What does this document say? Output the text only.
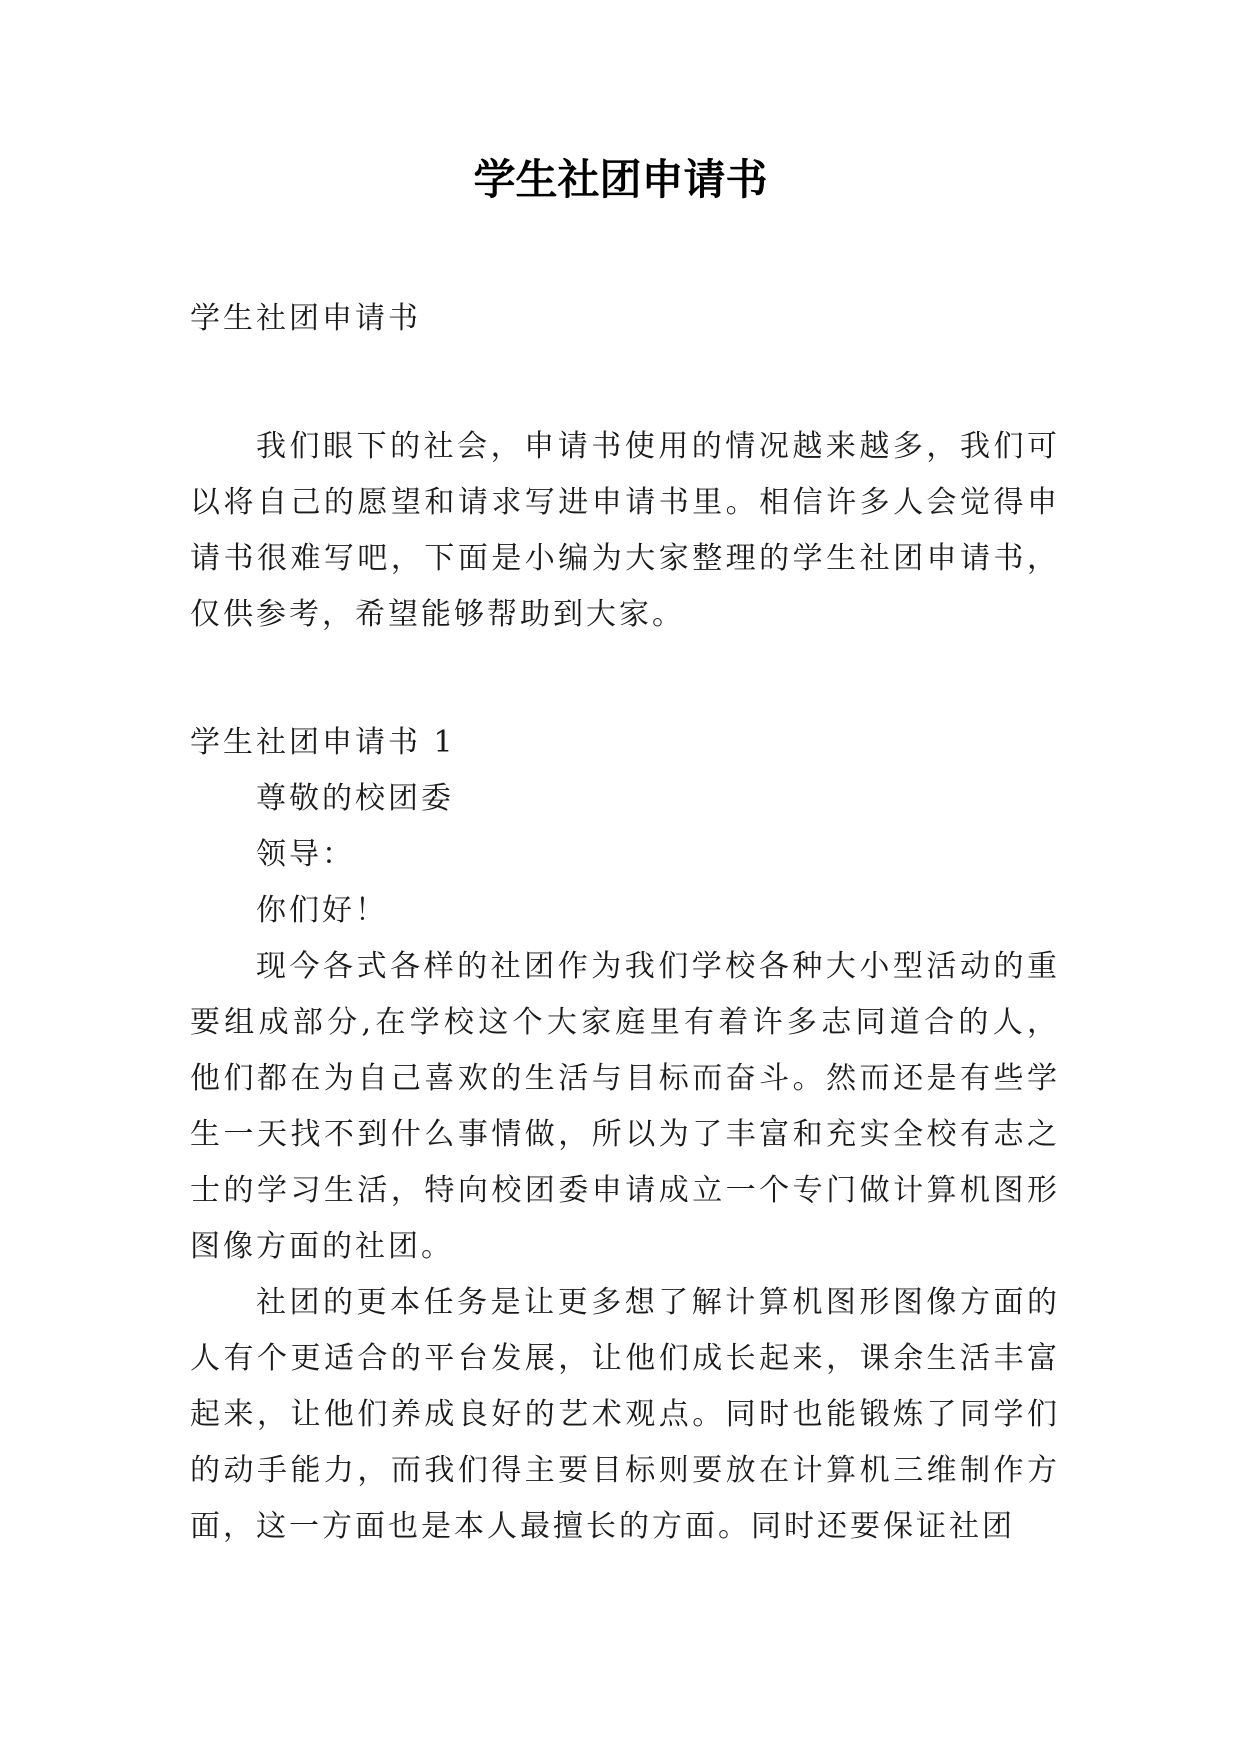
学生社团申请书

学生社团申请书

我们眼下的社会，申请书使用的情况越来越多，我们可以将自己的愿望和请求写进申请书里。相信许多人会觉得申请书很难写吧，下面是小编为大家整理的学生社团申请书，仅供参考，希望能够帮助到大家。

学生社团申请书 1

尊敬的校团委

领导：

你们好！

现今各式各样的社团作为我们学校各种大小型活动的重要组成部分,在学校这个大家庭里有着许多志同道合的人，他们都在为自己喜欢的生活与目标而奋斗。然而还是有些学生一天找不到什么事情做，所以为了丰富和充实全校有志之士的学习生活，特向校团委申请成立一个专门做计算机图形图像方面的社团。

社团的更本任务是让更多想了解计算机图形图像方面的人有个更适合的平台发展，让他们成长起来，课余生活丰富起来，让他们养成良好的艺术观点。同时也能锻炼了同学们的动手能力，而我们得主要目标则要放在计算机三维制作方面，这一方面也是本人最擅长的方面。同时还要保证社团
